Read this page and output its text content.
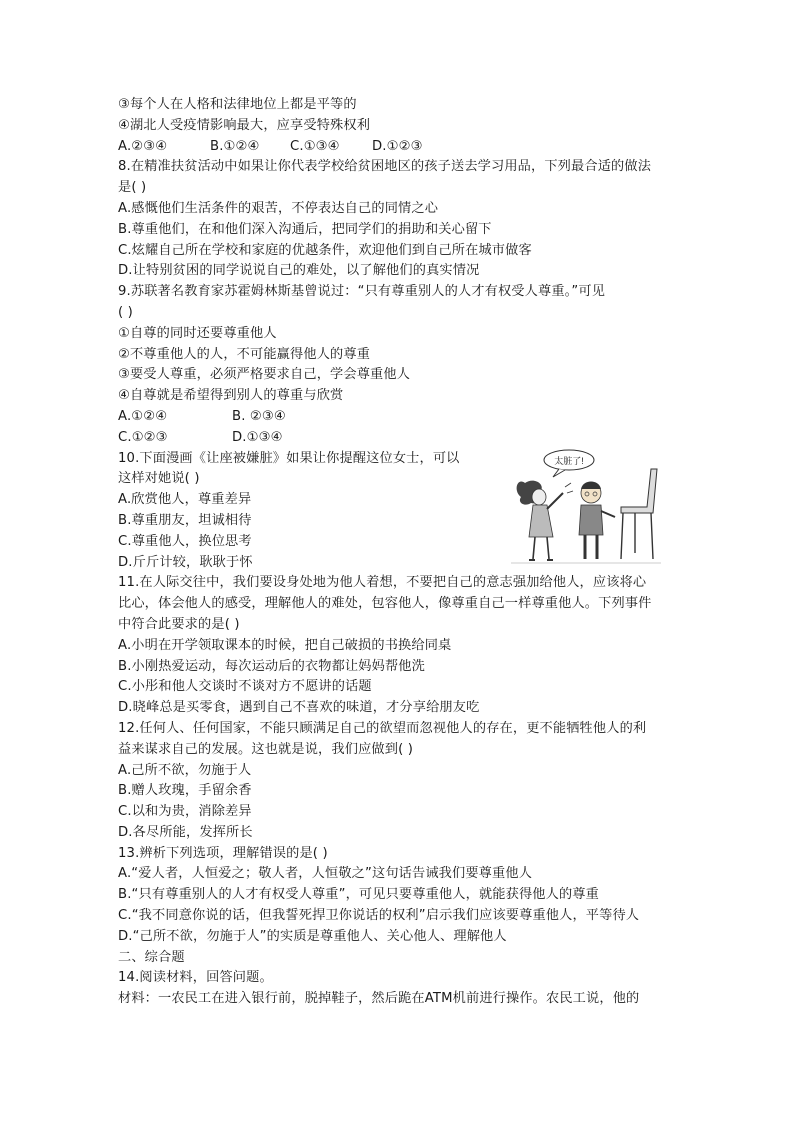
③每个人在人格和法律地位上都是平等的
④湖北人受疫情影响最大，应享受特殊权利
A.②③④	B.①②④ C.①③④ D.①②③
8.在精准扶贫活动中如果让你代表学校给贫困地区的孩子送去学习用品，下列最合适的做法
是( )
A.感慨他们生活条件的艰苦，不停表达自己的同情之心
B.尊重他们，在和他们深入沟通后，把同学们的捐助和关心留下
C.炫耀自己所在学校和家庭的优越条件，欢迎他们到自己所在城市做客
D.让特别贫困的同学说说自己的难处，以了解他们的真实情况
9.苏联著名教育家苏霍姆林斯基曾说过：“只有尊重别人的人才有权受人尊重。”可见
( )
①自尊的同时还要尊重他人
②不尊重他人的人，不可能赢得他人的尊重
③要受人尊重，必须严格要求自己，学会尊重他人
④自尊就是希望得到别人的尊重与欣赏
A.①②④	B. ②③④
C.①②③	D.①③④
10.下面漫画《让座被嫌脏》如果让你提醒这位女士，可以
这样对她说( )
A.欣赏他人，尊重差异
B.尊重朋友，坦诚相待
C.尊重他人，换位思考
D.斤斤计较，耿耿于怀
11.在人际交往中，我们要设身处地为他人着想，不要把自己的意志强加给他人，应该将心
比心，体会他人的感受，理解他人的难处，包容他人，像尊重自己一样尊重他人。下列事件
中符合此要求的是( )
A.小明在开学领取课本的时候，把自己破损的书换给同桌
B.小刚热爱运动，每次运动后的衣物都让妈妈帮他洗
C.小彤和他人交谈时不谈对方不愿讲的话题
D.晓峰总是买零食，遇到自己不喜欢的味道，才分享给朋友吃
12.任何人、任何国家，不能只顾满足自己的欲望而忽视他人的存在，更不能牺牲他人的利
益来谋求自己的发展。这也就是说，我们应做到( )
A.己所不欲，勿施于人
B.赠人玫瑰，手留余香
C.以和为贵，消除差异
D.各尽所能，发挥所长
13.辨析下列选项，理解错误的是( )
A.“爱人者，人恒爱之；敬人者，人恒敬之”这句话告诫我们要尊重他人
B.“只有尊重别人的人才有权受人尊重”，可见只要尊重他人，就能获得他人的尊重
C.“我不同意你说的话，但我誓死捍卫你说话的权利”启示我们应该要尊重他人，平等待人
D.“己所不欲，勿施于人”的实质是尊重他人、关心他人、理解他人
二、综合题
14.阅读材料，回答问题。
材料：一农民工在进入银行前，脱掉鞋子，然后跪在ATM机前进行操作。农民工说，他的
太脏了!
